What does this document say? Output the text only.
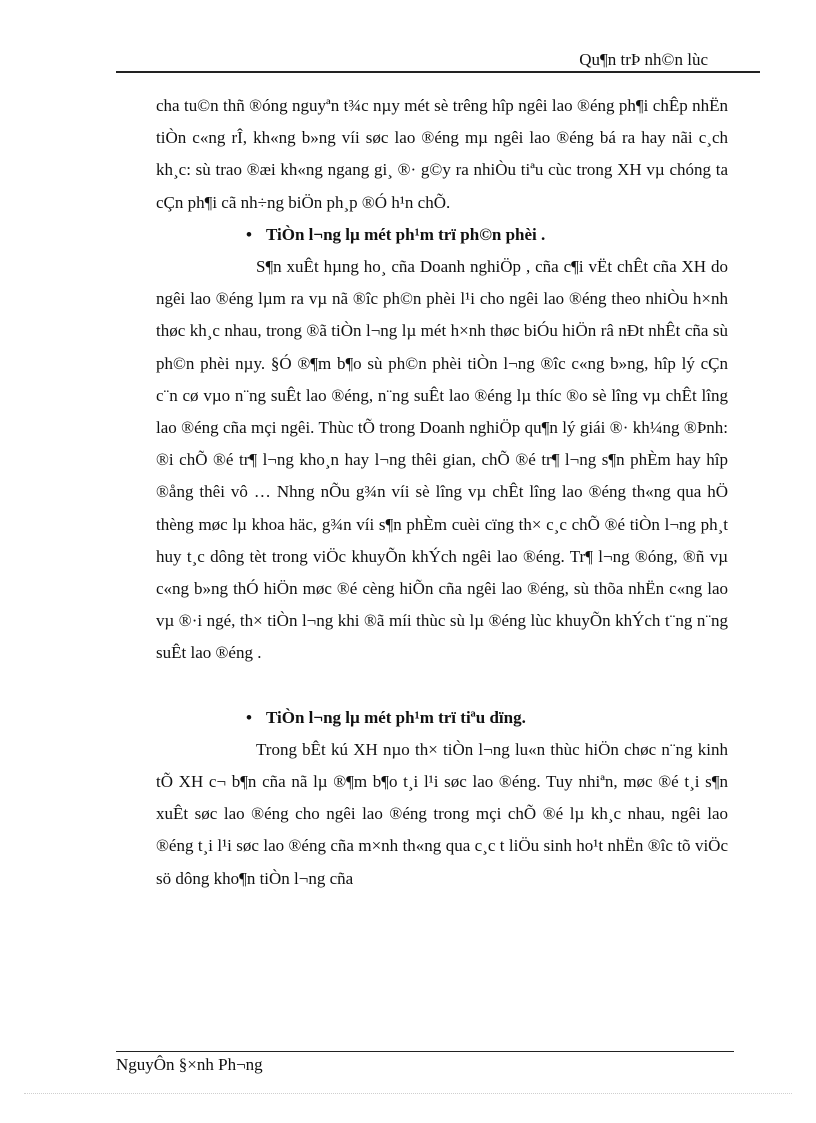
Qu¶n trÞ nh©n lùc

cha tu©n thñ ®óng nguyªn t¾c nµy mét sè trêng hîp ngêi lao ®éng ph¶i chÊp nhËn tiÒn c«ng rÎ, kh«ng b»ng víi søc lao ®éng mµ ngêi lao ®éng bá ra hay nãi c¸ch kh¸c: sù trao ®æi kh«ng ngang gi¸ ®· g©y ra nhiÒu tiªu cùc trong XH vµ chóng ta cÇn ph¶i cã nh÷ng biÖn ph¸p ®Ó h¹n chÕ.

• TiÒn l¬ng lµ mét ph¹m trï ph©n phèi .

S¶n xuÊt hµng ho¸ cña Doanh nghiÖp , cña c¶i vËt chÊt cña XH do ngêi lao ®éng lµm ra vµ nã ®îc ph©n phèi l¹i cho ngêi lao ®éng theo nhiÒu h×nh thøc kh¸c nhau, trong ®ã tiÒn l¬ng lµ mét h×nh thøc biÓu hiÖn râ nÐt nhÊt cña sù ph©n phèi nµy. §Ó ®¶m b¶o sù ph©n phèi tiÒn l¬ng ®îc c«ng b»ng, hîp lý cÇn c¨n cø vµo n¨ng suÊt lao ®éng, n¨ng suÊt lao ®éng lµ thíc ®o sè lîng vµ chÊt lîng lao ®éng cña mçi ngêi. Thùc tÕ trong Doanh nghiÖp qu¶n lý giái ®· kh¼ng ®Þnh: ®i chÕ ®é tr¶ l¬ng kho¸n hay l¬ng thêi gian, chÕ ®é tr¶ l¬ng s¶n phÈm hay hîp ®ång thêi vô … Nhng nÕu g¾n víi sè lîng vµ chÊt lîng lao ®éng th«ng qua hÖ thèng møc lµ khoa häc, g¾n víi s¶n phÈm cuèi cïng th× c¸c chÕ ®é tiÒn l¬ng ph¸t huy t¸c dông tèt trong viÖc khuyÕn khÝch ngêi lao ®éng. Tr¶ l¬ng ®óng, ®ñ vµ c«ng b»ng thÓ hiÖn møc ®é cèng hiÕn cña ngêi lao ®éng, sù thõa nhËn c«ng lao vµ ®·i ngé, th× tiÒn l¬ng khi ®ã míi thùc sù lµ ®éng lùc khuyÕn khÝch t¨ng n¨ng suÊt lao ®éng .

• TiÒn l¬ng lµ mét ph¹m trï tiªu dïng.

Trong bÊt kú XH nµo th× tiÒn l¬ng lu«n thùc hiÖn chøc n¨ng kinh tÕ XH c¬ b¶n cña nã lµ ®¶m b¶o t¸i l¹i søc lao ®éng. Tuy nhiªn, møc ®é t¸i s¶n xuÊt søc lao ®éng cho ngêi lao ®éng trong mçi chÕ ®é lµ kh¸c nhau, ngêi lao ®éng t¸i l¹i søc lao ®éng cña m×nh th«ng qua c¸c t liÖu sinh ho¹t nhËn ®îc tõ viÖc sö dông kho¶n tiÒn l¬ng cña

NguyÔn §×nh Ph¬ng
